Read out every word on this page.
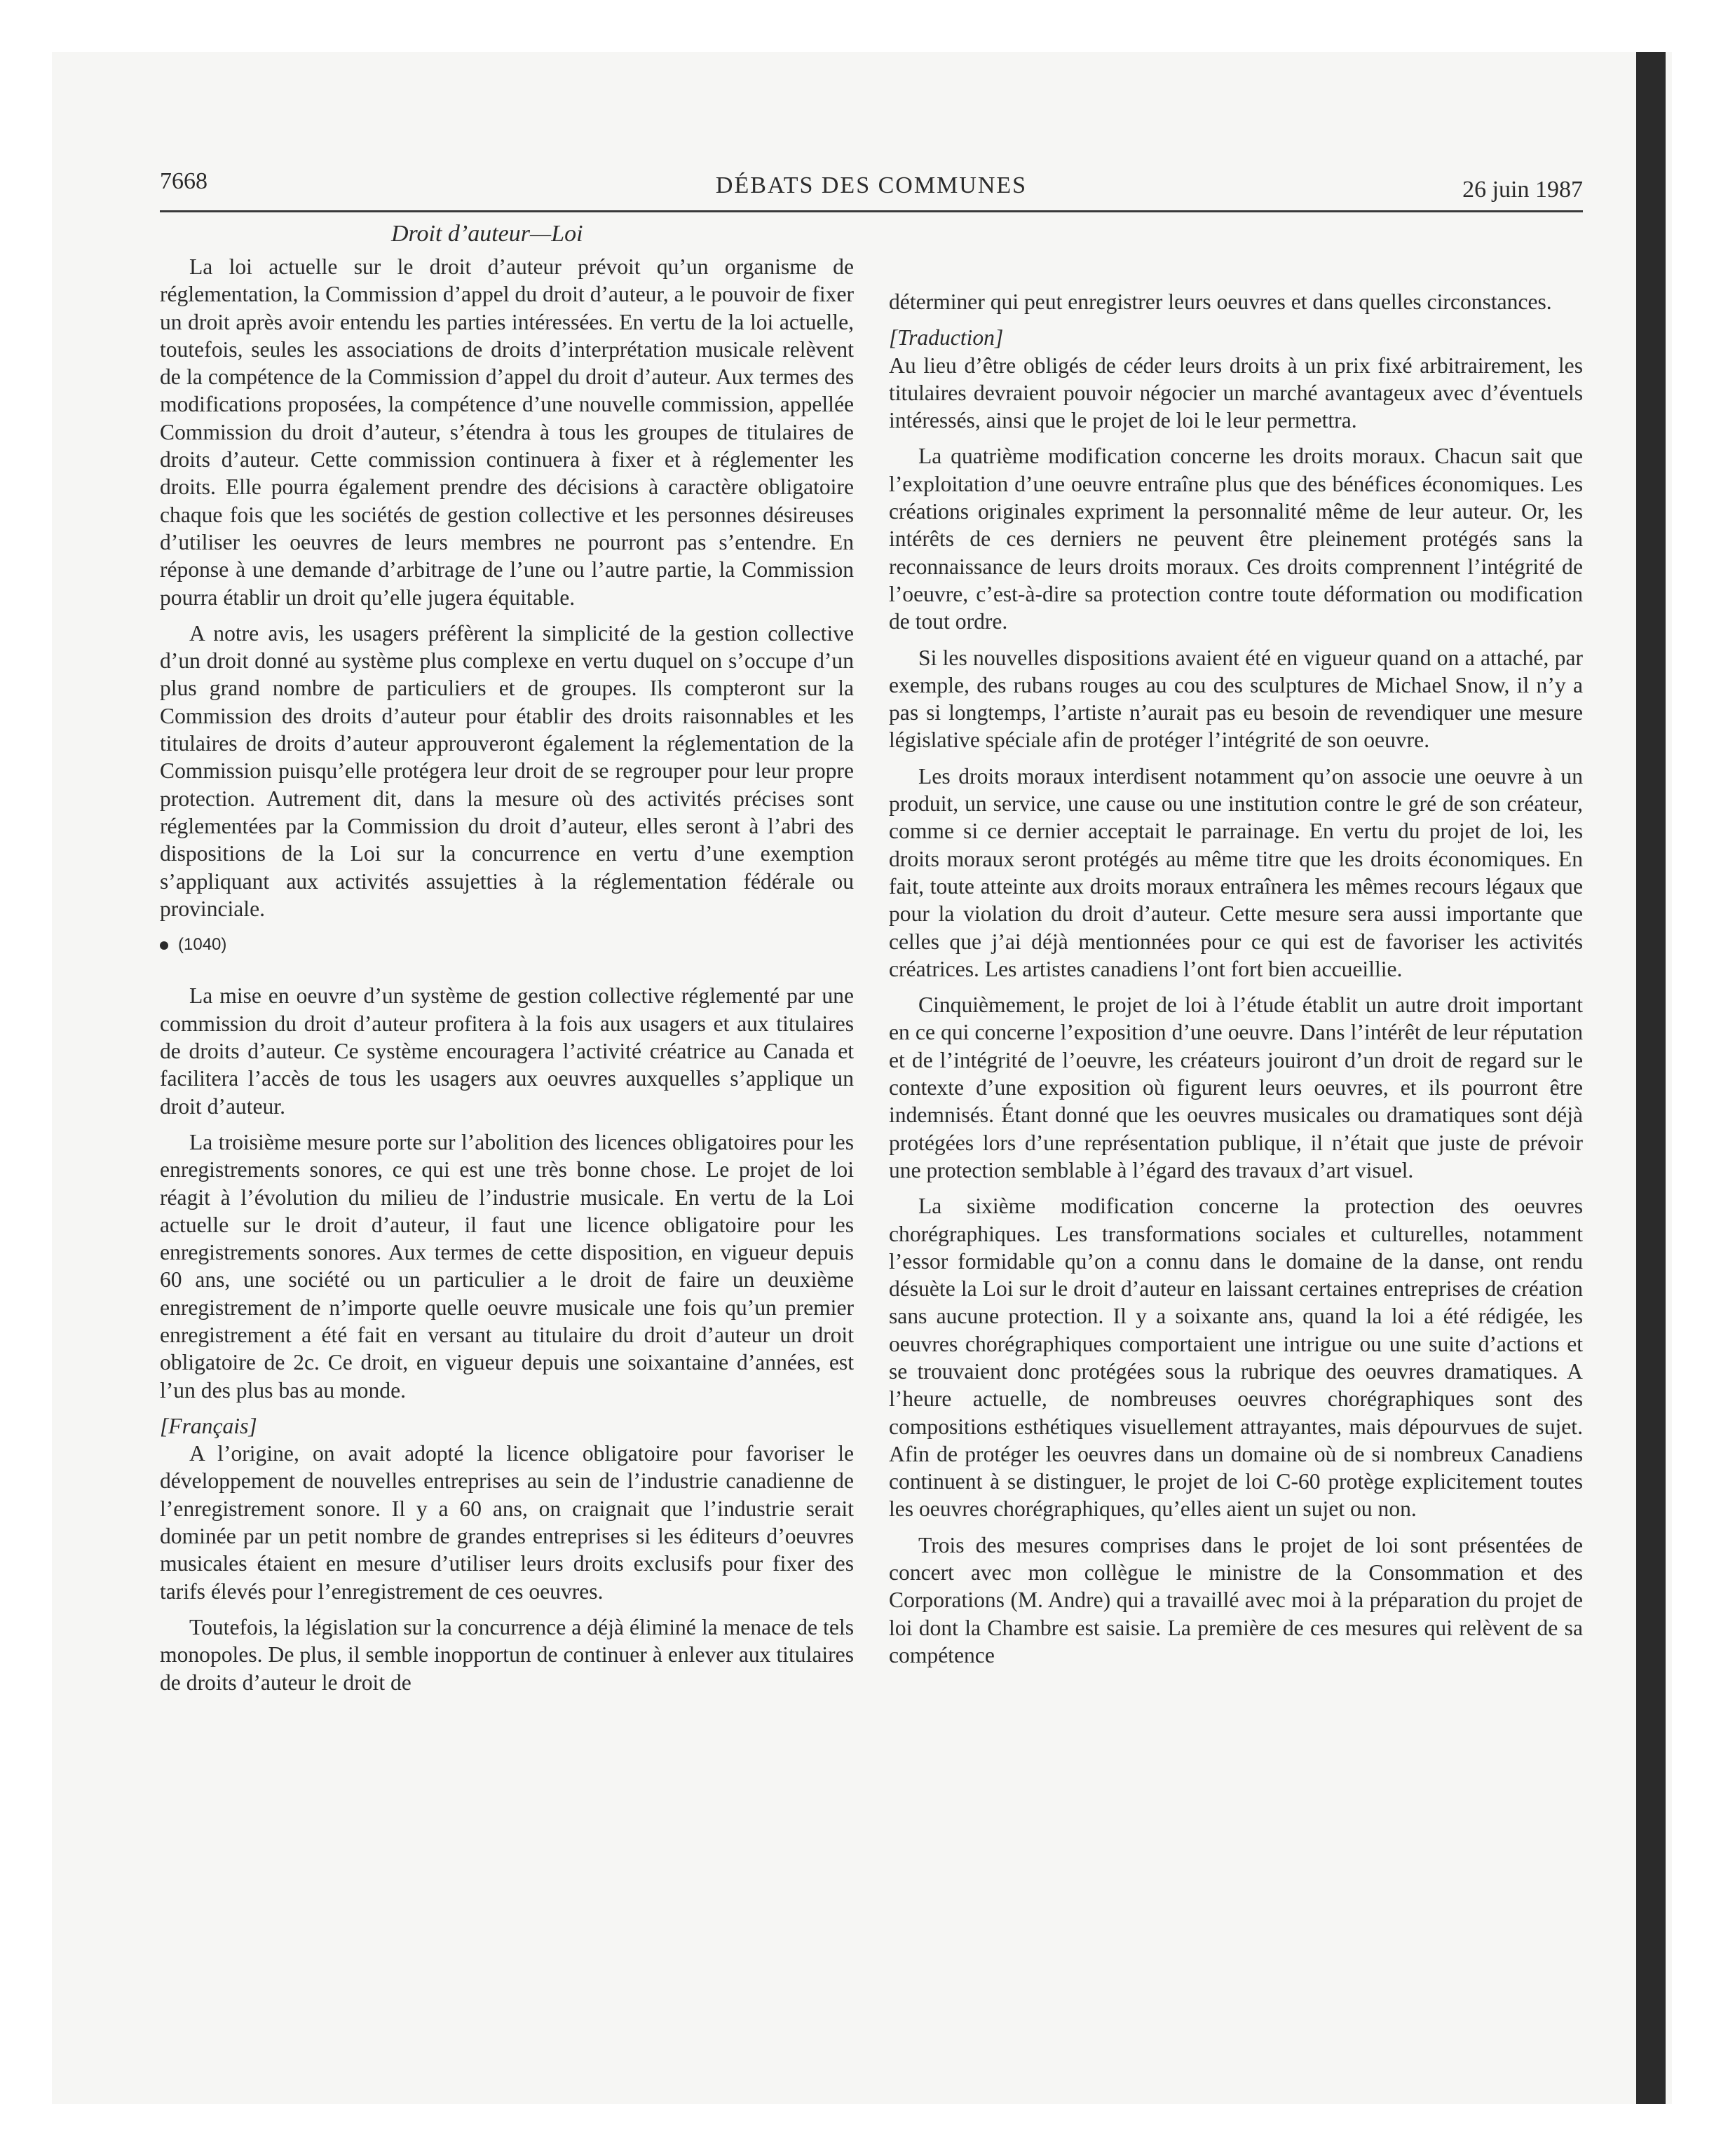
7668	DÉBATS DES COMMUNES	26 juin 1987
Droit d’auteur—Loi

La loi actuelle sur le droit d’auteur prévoit qu’un organisme de réglementation, la Commission d’appel du droit d’auteur, a le pouvoir de fixer un droit après avoir entendu les parties intéressées. En vertu de la loi actuelle, toutefois, seules les associations de droits d’interprétation musicale relèvent de la compétence de la Commission d’appel du droit d’auteur. Aux termes des modifications proposées, la compétence d’une nouvelle commission, appellée Commission du droit d’auteur, s’étendra à tous les groupes de titulaires de droits d’auteur. Cette commission continuera à fixer et à réglementer les droits. Elle pourra également prendre des décisions à caractère obligatoire chaque fois que les sociétés de gestion collective et les personnes désireuses d’utiliser les oeuvres de leurs membres ne pourront pas s’entendre. En réponse à une demande d’arbitrage de l’une ou l’autre partie, la Commission pourra établir un droit qu’elle jugera équitable.

A notre avis, les usagers préfèrent la simplicité de la gestion collective d’un droit donné au système plus complexe en vertu duquel on s’occupe d’un plus grand nombre de particuliers et de groupes. Ils compteront sur la Commission des droits d’auteur pour établir des droits raisonnables et les titulaires de droits d’auteur approuveront également la réglementation de la Commission puisqu’elle protégera leur droit de se regrouper pour leur propre protection. Autrement dit, dans la mesure où des activités précises sont réglementées par la Commission du droit d’auteur, elles seront à l’abri des dispositions de la Loi sur la concurrence en vertu d’une exemption s’appliquant aux activités assujetties à la réglementation fédérale ou provinciale.

(1040)

La mise en oeuvre d’un système de gestion collective réglementé par une commission du droit d’auteur profitera à la fois aux usagers et aux titulaires de droits d’auteur. Ce système encouragera l’activité créatrice au Canada et facilitera l’accès de tous les usagers aux oeuvres auxquelles s’applique un droit d’auteur.

La troisième mesure porte sur l’abolition des licences obligatoires pour les enregistrements sonores, ce qui est une très bonne chose. Le projet de loi réagit à l’évolution du milieu de l’industrie musicale. En vertu de la Loi actuelle sur le droit d’auteur, il faut une licence obligatoire pour les enregistrements sonores. Aux termes de cette disposition, en vigueur depuis 60 ans, une société ou un particulier a le droit de faire un deuxième enregistrement de n’importe quelle oeuvre musicale une fois qu’un premier enregistrement a été fait en versant au titulaire du droit d’auteur un droit obligatoire de 2c. Ce droit, en vigueur depuis une soixantaine d’années, est l’un des plus bas au monde.

[Français]

A l’origine, on avait adopté la licence obligatoire pour favoriser le développement de nouvelles entreprises au sein de l’industrie canadienne de l’enregistrement sonore. Il y a 60 ans, on craignait que l’industrie serait dominée par un petit nombre de grandes entreprises si les éditeurs d’oeuvres musicales étaient en mesure d’utiliser leurs droits exclusifs pour fixer des tarifs élevés pour l’enregistrement de ces oeuvres.

Toutefois, la législation sur la concurrence a déjà éliminé la menace de tels monopoles. De plus, il semble inopportun de continuer à enlever aux titulaires de droits d’auteur le droit de

déterminer qui peut enregistrer leurs oeuvres et dans quelles circonstances.

[Traduction]

Au lieu d’être obligés de céder leurs droits à un prix fixé arbitrairement, les titulaires devraient pouvoir négocier un marché avantageux avec d’éventuels intéressés, ainsi que le projet de loi le leur permettra.

La quatrième modification concerne les droits moraux. Chacun sait que l’exploitation d’une oeuvre entraîne plus que des bénéfices économiques. Les créations originales expriment la personnalité même de leur auteur. Or, les intérêts de ces derniers ne peuvent être pleinement protégés sans la reconnaissance de leurs droits moraux. Ces droits comprennent l’intégrité de l’oeuvre, c’est-à-dire sa protection contre toute déformation ou modification de tout ordre.

Si les nouvelles dispositions avaient été en vigueur quand on a attaché, par exemple, des rubans rouges au cou des sculptures de Michael Snow, il n’y a pas si longtemps, l’artiste n’aurait pas eu besoin de revendiquer une mesure législative spéciale afin de protéger l’intégrité de son oeuvre.

Les droits moraux interdisent notamment qu’on associe une oeuvre à un produit, un service, une cause ou une institution contre le gré de son créateur, comme si ce dernier acceptait le parrainage. En vertu du projet de loi, les droits moraux seront protégés au même titre que les droits économiques. En fait, toute atteinte aux droits moraux entraînera les mêmes recours légaux que pour la violation du droit d’auteur. Cette mesure sera aussi importante que celles que j’ai déjà mentionnées pour ce qui est de favoriser les activités créatrices. Les artistes canadiens l’ont fort bien accueillie.

Cinquièmement, le projet de loi à l’étude établit un autre droit important en ce qui concerne l’exposition d’une oeuvre. Dans l’intérêt de leur réputation et de l’intégrité de l’oeuvre, les créateurs jouiront d’un droit de regard sur le contexte d’une exposition où figurent leurs oeuvres, et ils pourront être indemnisés. Étant donné que les oeuvres musicales ou dramatiques sont déjà protégées lors d’une représentation publique, il n’était que juste de prévoir une protection semblable à l’égard des travaux d’art visuel.

La sixième modification concerne la protection des oeuvres chorégraphiques. Les transformations sociales et culturelles, notamment l’essor formidable qu’on a connu dans le domaine de la danse, ont rendu désuète la Loi sur le droit d’auteur en laissant certaines entreprises de création sans aucune protection. Il y a soixante ans, quand la loi a été rédigée, les oeuvres chorégraphiques comportaient une intrigue ou une suite d’actions et se trouvaient donc protégées sous la rubrique des oeuvres dramatiques. A l’heure actuelle, de nombreuses oeuvres chorégraphiques sont des compositions esthétiques visuellement attrayantes, mais dépourvues de sujet. Afin de protéger les oeuvres dans un domaine où de si nombreux Canadiens continuent à se distinguer, le projet de loi C-60 protège explicitement toutes les oeuvres chorégraphiques, qu’elles aient un sujet ou non.

Trois des mesures comprises dans le projet de loi sont présentées de concert avec mon collègue le ministre de la Consommation et des Corporations (M. Andre) qui a travaillé avec moi à la préparation du projet de loi dont la Chambre est saisie. La première de ces mesures qui relèvent de sa compétence
